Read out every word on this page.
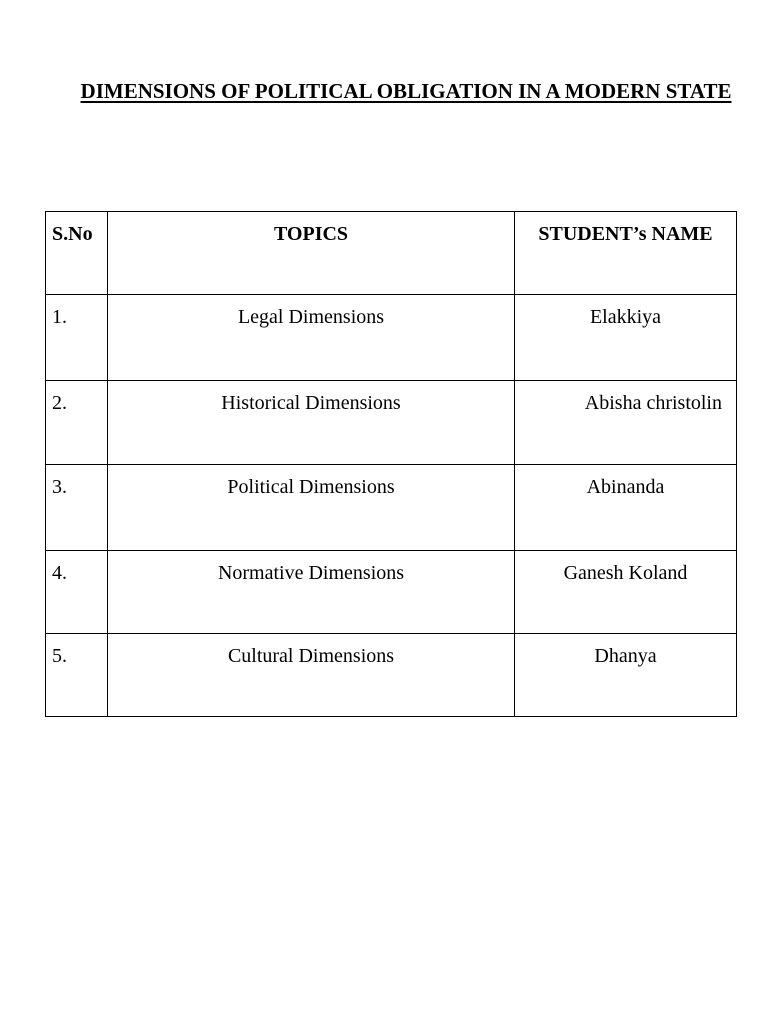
DIMENSIONS OF POLITICAL OBLIGATION IN A MODERN STATE
S.No	TOPICS	STUDENT’s NAME
1.	Legal Dimensions	Elakkiya
2.	Historical Dimensions	Abisha christolin
3.	Political Dimensions	Abinanda
4.	Normative Dimensions	Ganesh Koland
5.	Cultural Dimensions	Dhanya
